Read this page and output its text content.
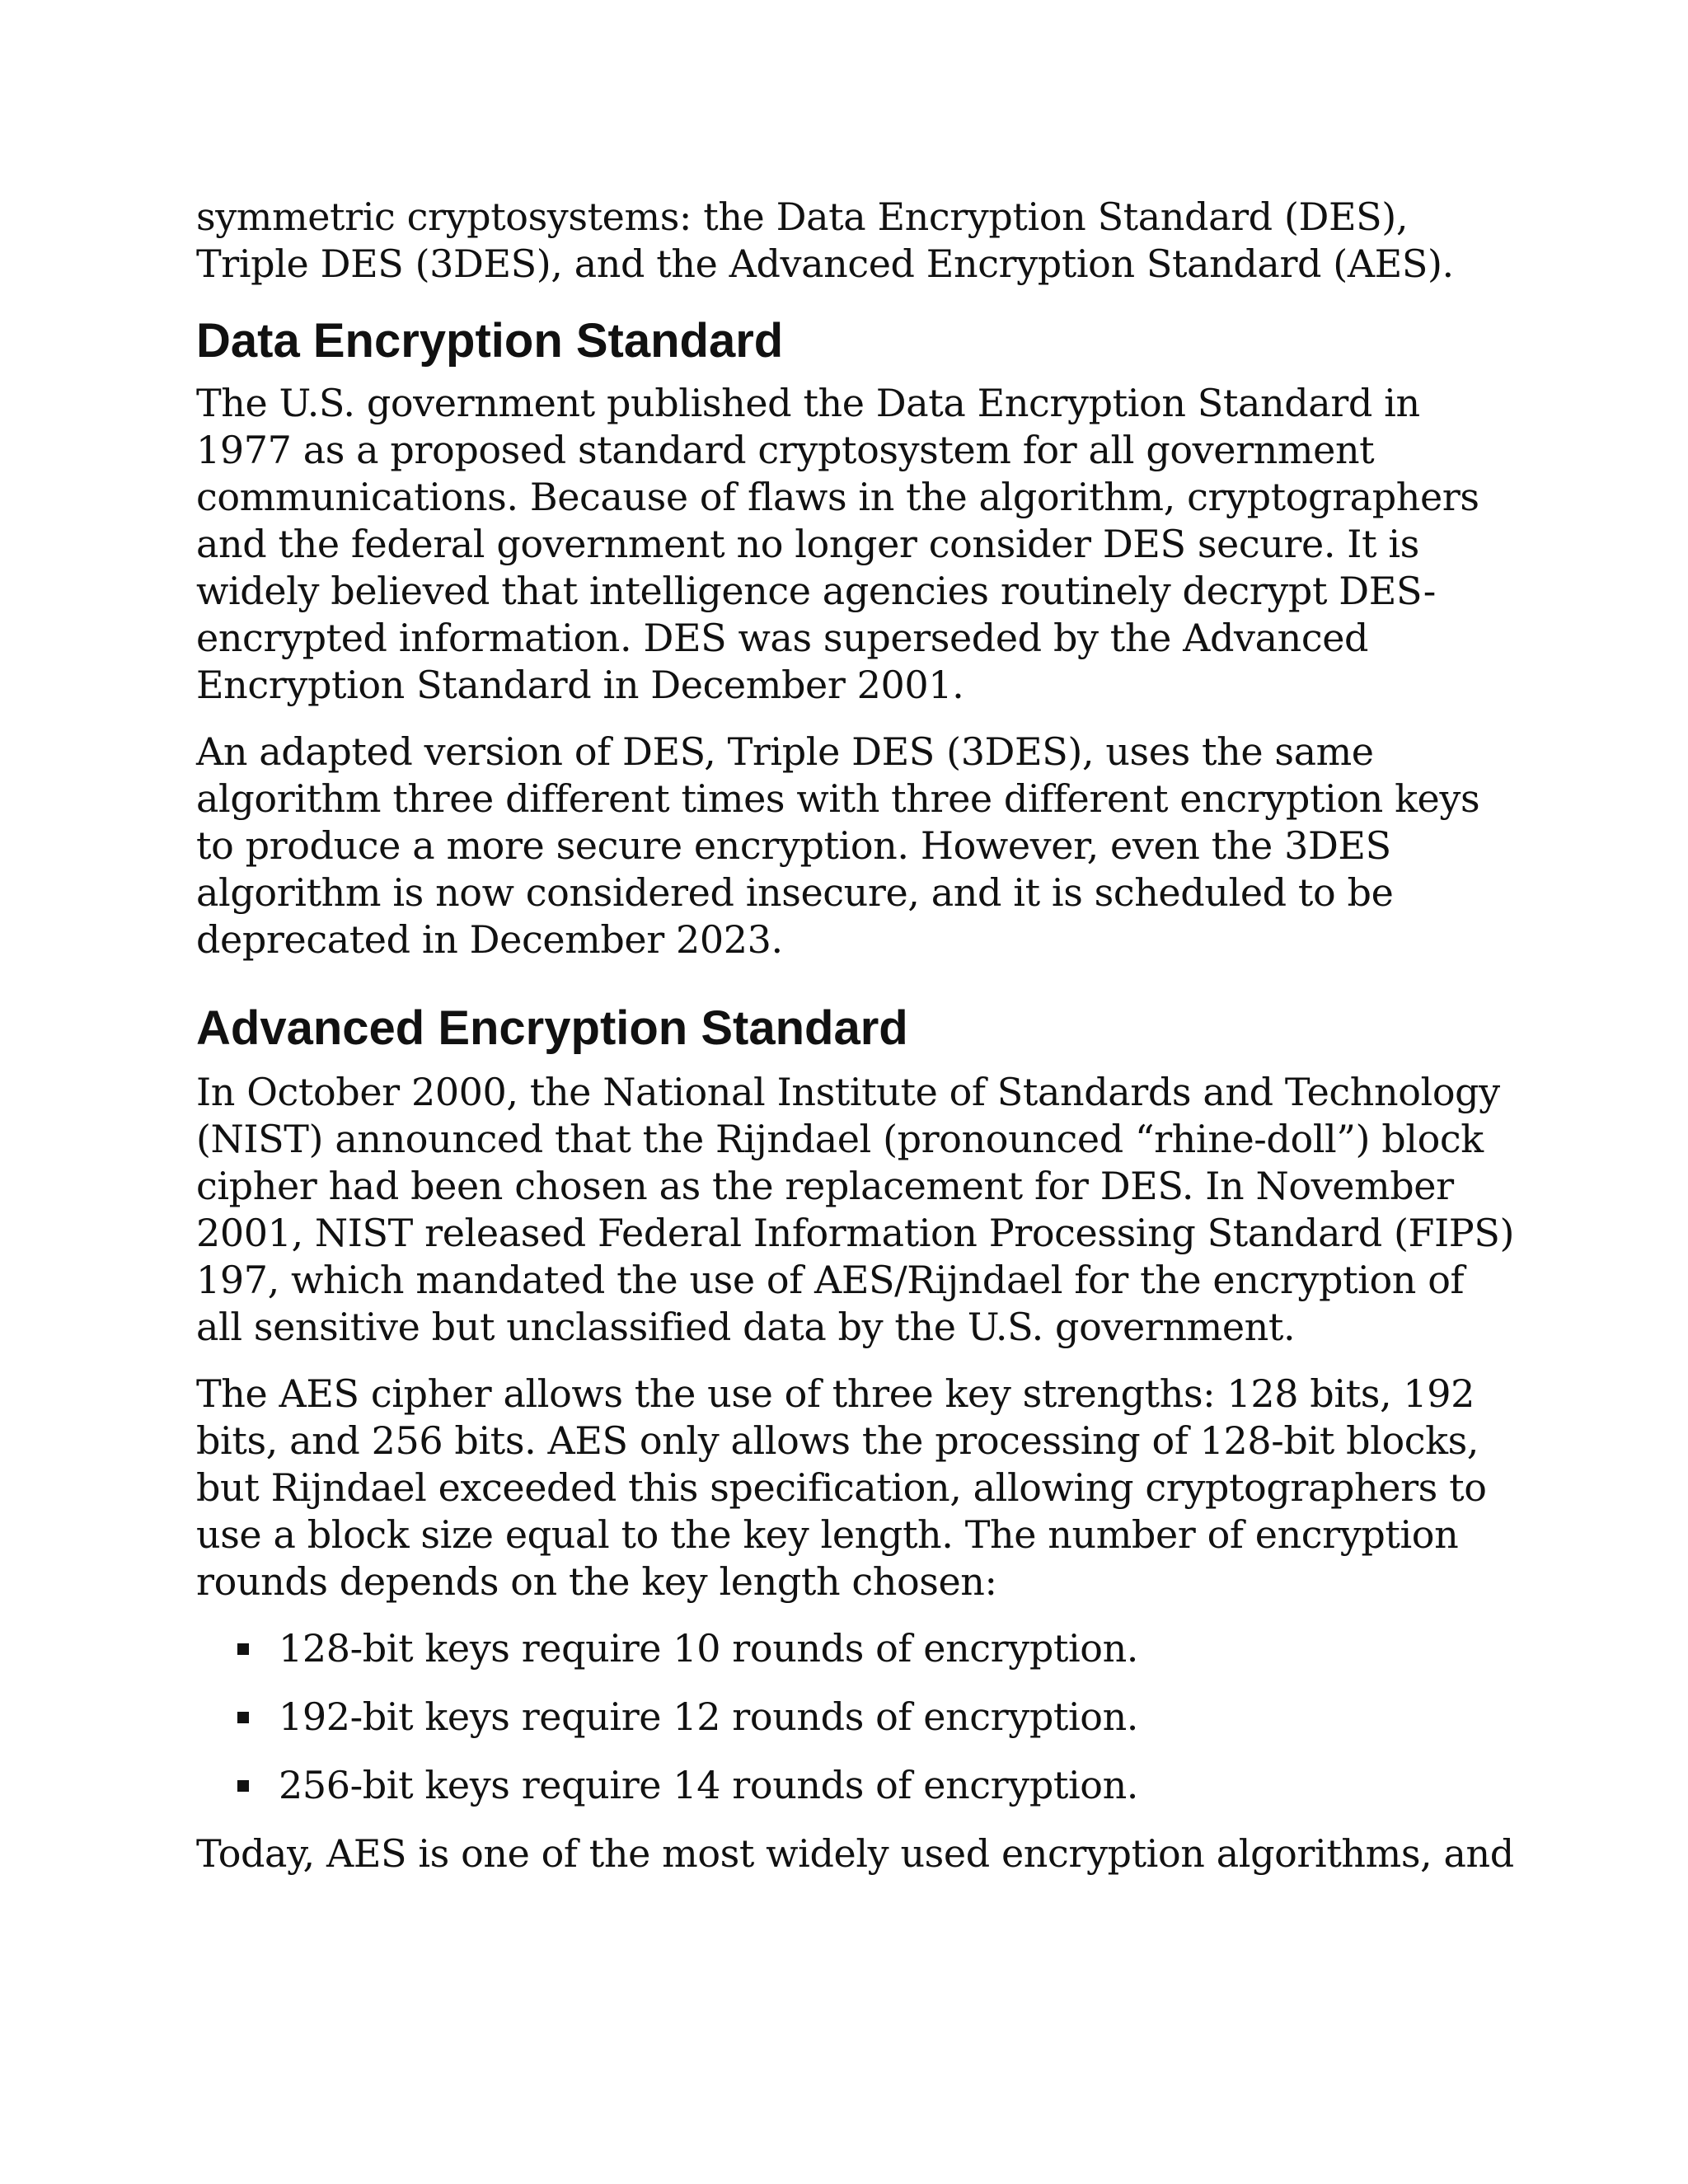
symmetric cryptosystems: the Data Encryption Standard (DES), Triple DES (3DES), and the Advanced Encryption Standard (AES).

Data Encryption Standard

The U.S. government published the Data Encryption Standard in 1977 as a proposed standard cryptosystem for all government communications. Because of flaws in the algorithm, cryptographers and the federal government no longer consider DES secure. It is widely believed that intelligence agencies routinely decrypt DES-encrypted information. DES was superseded by the Advanced Encryption Standard in December 2001.

An adapted version of DES, Triple DES (3DES), uses the same algorithm three different times with three different encryption keys to produce a more secure encryption. However, even the 3DES algorithm is now considered insecure, and it is scheduled to be deprecated in December 2023.

Advanced Encryption Standard

In October 2000, the National Institute of Standards and Technology (NIST) announced that the Rijndael (pronounced “rhine-doll”) block cipher had been chosen as the replacement for DES. In November 2001, NIST released Federal Information Processing Standard (FIPS) 197, which mandated the use of AES/Rijndael for the encryption of all sensitive but unclassified data by the U.S. government.

The AES cipher allows the use of three key strengths: 128 bits, 192 bits, and 256 bits. AES only allows the processing of 128-bit blocks, but Rijndael exceeded this specification, allowing cryptographers to use a block size equal to the key length. The number of encryption rounds depends on the key length chosen:

128-bit keys require 10 rounds of encryption.
192-bit keys require 12 rounds of encryption.
256-bit keys require 14 rounds of encryption.

Today, AES is one of the most widely used encryption algorithms, and
